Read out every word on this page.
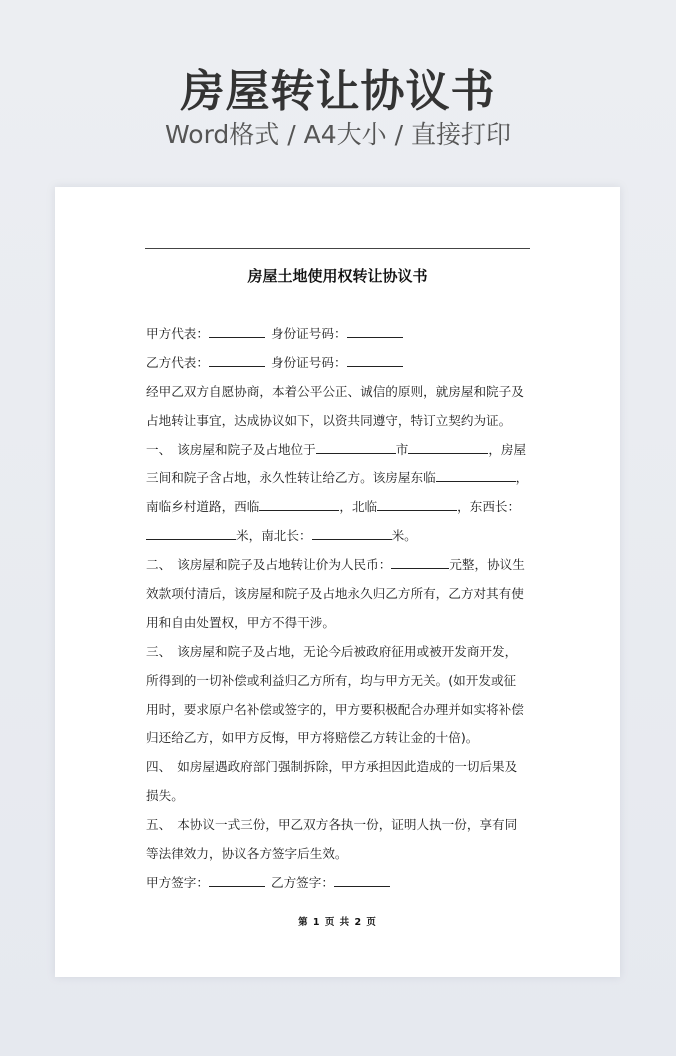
房屋转让协议书
Word格式 / A4大小 / 直接打印
房屋土地使用权转让协议书
甲方代表：	身份证号码：
乙方代表：	身份证号码：
经甲乙双方自愿协商，本着公平公正、诚信的原则，就房屋和院子及
占地转让事宜，达成协议如下，以资共同遵守，特订立契约为证。
一、 该房屋和院子及占地位于	市	，房屋
三间和院子含占地，永久性转让给乙方。该房屋东临	，
南临乡村道路，西临	，北临	，东西长：
米，南北长：	米。
二、 该房屋和院子及占地转让价为人民币：	元整，协议生
效款项付清后，该房屋和院子及占地永久归乙方所有，乙方对其有使
用和自由处置权，甲方不得干涉。
三、 该房屋和院子及占地，无论今后被政府征用或被开发商开发，
所得到的一切补偿或利益归乙方所有，均与甲方无关。(如开发或征
用时，要求原户名补偿或签字的，甲方要积极配合办理并如实将补偿
归还给乙方，如甲方反悔，甲方将赔偿乙方转让金的十倍)。
四、 如房屋遇政府部门强制拆除，甲方承担因此造成的一切后果及
损失。
五、 本协议一式三份，甲乙双方各执一份，证明人执一份，享有同
等法律效力，协议各方签字后生效。
甲方签字：	乙方签字：
第 1 页 共 2 页
